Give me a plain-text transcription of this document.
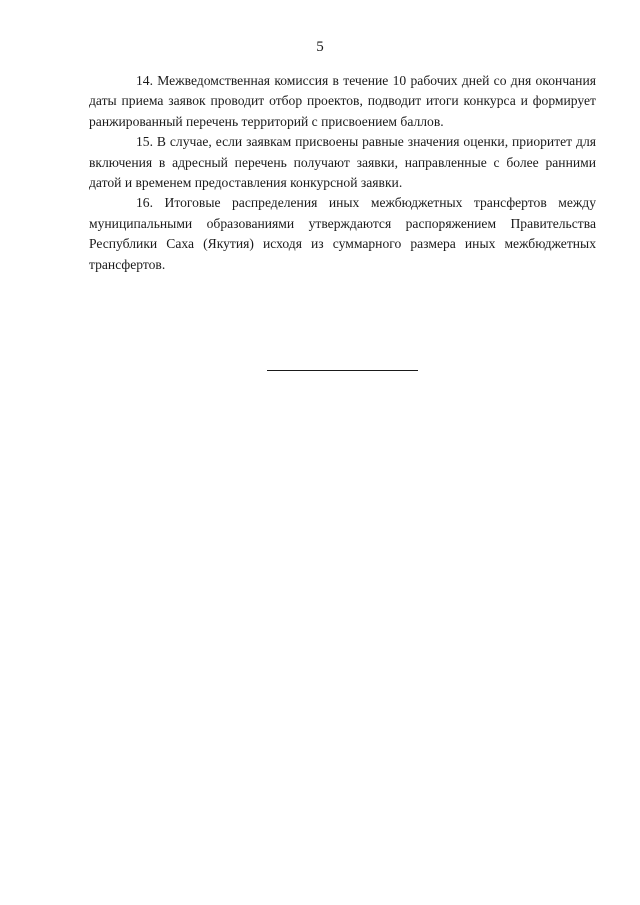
5

14. Межведомственная комиссия в течение 10 рабочих дней со дня окончания даты приема заявок проводит отбор проектов, подводит итоги конкурса и формирует ранжированный перечень территорий с присвоением баллов.

15. В случае, если заявкам присвоены равные значения оценки, приоритет для включения в адресный перечень получают заявки, направленные с более ранними датой и временем предоставления конкурсной заявки.

16. Итоговые распределения иных межбюджетных трансфертов между муниципальными образованиями утверждаются распоряжением Правительства Республики Саха (Якутия) исходя из суммарного размера иных межбюджетных трансфертов.
